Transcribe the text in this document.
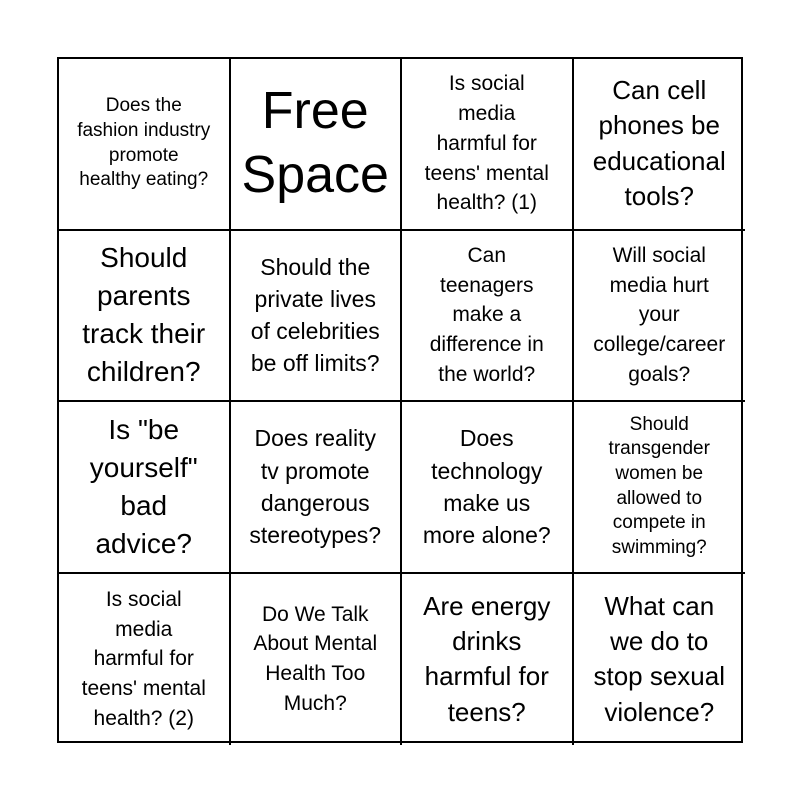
Does the
fashion industry
promote
healthy eating?
Free
Space
Is social
media
harmful for
teens' mental
health? (1)
Can cell
phones be
educational
tools?
Should
parents
track their
children?
Should the
private lives
of celebrities
be off limits?
Can
teenagers
make a
difference in
the world?
Will social
media hurt
your
college/career
goals?
Is "be
yourself"
bad
advice?
Does reality
tv promote
dangerous
stereotypes?
Does
technology
make us
more alone?
Should
transgender
women be
allowed to
compete in
swimming?
Is social
media
harmful for
teens' mental
health? (2)
Do We Talk
About Mental
Health Too
Much?
Are energy
drinks
harmful for
teens?
What can
we do to
stop sexual
violence?
